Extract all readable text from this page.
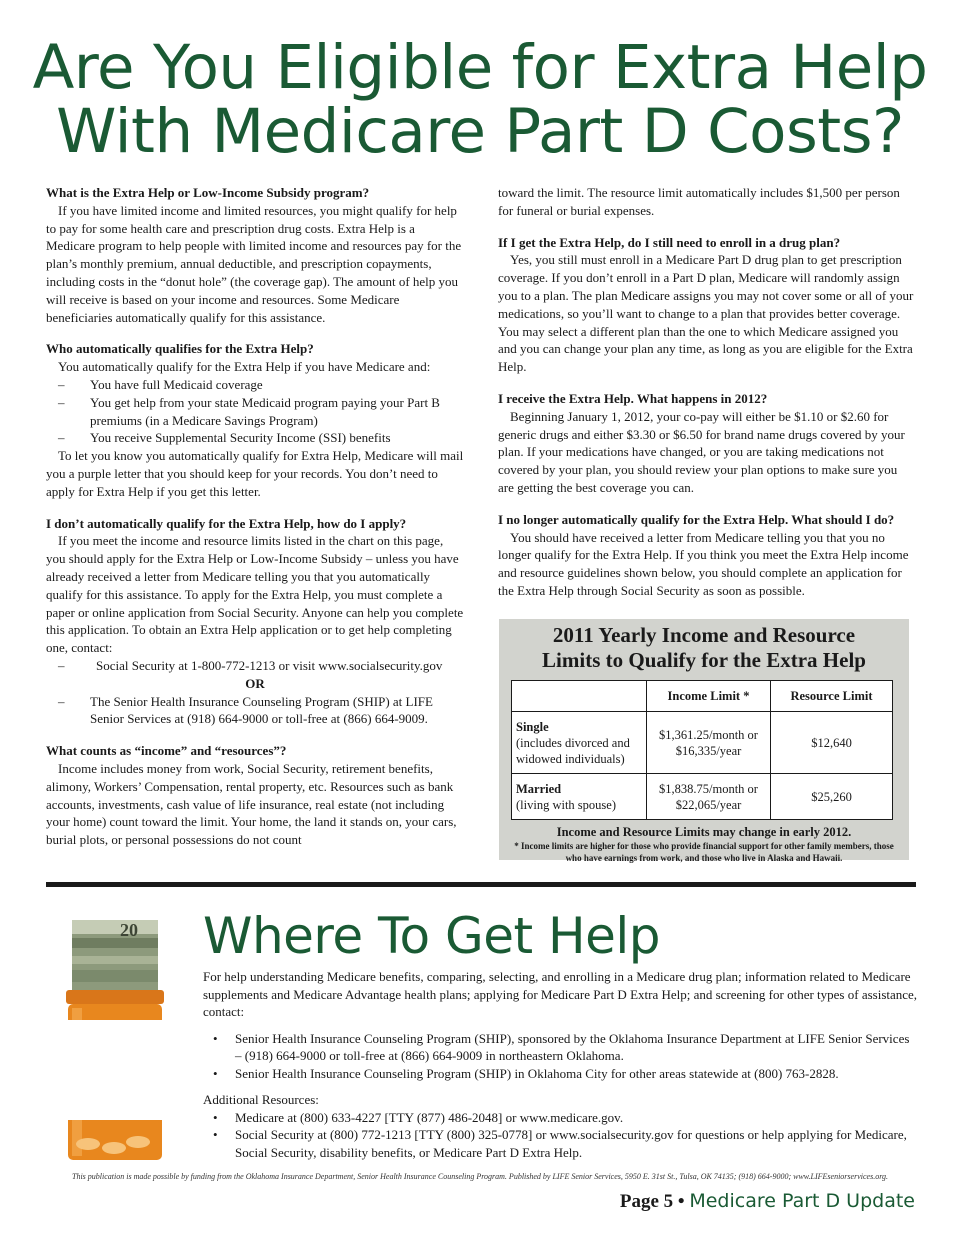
Are You Eligible for Extra Help
With Medicare Part D Costs?
What is the Extra Help or Low-Income Subsidy program?
If you have limited income and limited resources, you might qualify for help to pay for some health care and prescription drug costs. Extra Help is a Medicare program to help people with limited income and resources pay for the plan’s monthly premium, annual deductible, and prescription copayments, including costs in the “donut hole” (the coverage gap). The amount of help you will receive is based on your income and resources. Some Medicare beneficiaries automatically qualify for this assistance.
Who automatically qualifies for the Extra Help?
You automatically qualify for the Extra Help if you have Medicare and:
– You have full Medicaid coverage
– You get help from your state Medicaid program paying your Part B premiums (in a Medicare Savings Program)
– You receive Supplemental Security Income (SSI) benefits
To let you know you automatically qualify for Extra Help, Medicare will mail you a purple letter that you should keep for your records. You don’t need to apply for Extra Help if you get this letter.
I don’t automatically qualify for the Extra Help, how do I apply?
If you meet the income and resource limits listed in the chart on this page, you should apply for the Extra Help or Low-Income Subsidy – unless you have already received a letter from Medicare telling you that you automatically qualify for this assistance. To apply for the Extra Help, you must complete a paper or online application from Social Security. Anyone can help you complete this application. To obtain an Extra Help application or to get help completing one, contact:
– Social Security at 1-800-772-1213 or visit www.socialsecurity.gov
OR
– The Senior Health Insurance Counseling Program (SHIP) at LIFE Senior Services at (918) 664-9000 or toll-free at (866) 664-9009.
What counts as “income” and “resources”?
Income includes money from work, Social Security, retirement benefits, alimony, Workers’ Compensation, rental property, etc. Resources such as bank accounts, investments, cash value of life insurance, real estate (not including your home) count toward the limit. Your home, the land it stands on, your cars, burial plots, or personal possessions do not count
toward the limit. The resource limit automatically includes $1,500 per person for funeral or burial expenses.
If I get the Extra Help, do I still need to enroll in a drug plan?
Yes, you still must enroll in a Medicare Part D drug plan to get prescription coverage. If you don’t enroll in a Part D plan, Medicare will randomly assign you to a plan. The plan Medicare assigns you may not cover some or all of your medications, so you’ll want to change to a plan that provides better coverage. You may select a different plan than the one to which Medicare assigned you and you can change your plan any time, as long as you are eligible for the Extra Help.
I receive the Extra Help. What happens in 2012?
Beginning January 1, 2012, your co-pay will either be $1.10 or $2.60 for generic drugs and either $3.30 or $6.50 for brand name drugs covered by your plan. If your medications have changed, or you are taking medications not covered by your plan, you should review your plan options to make sure you are getting the best coverage you can.
I no longer automatically qualify for the Extra Help. What should I do?
You should have received a letter from Medicare telling you that you no longer qualify for the Extra Help. If you think you meet the Extra Help income and resource guidelines shown below, you should complete an application for the Extra Help through Social Security as soon as possible.
2011 Yearly Income and Resource
Limits to Qualify for the Extra Help
	Income Limit *	Resource Limit

Single
(includes divorced and widowed individuals)	$1,361.25/month or $16,335/year	$12,640

Married
(living with spouse)	$1,838.75/month or $22,065/year	$25,260
Income and Resource Limits may change in early 2012.
* Income limits are higher for those who provide financial support for other family members, those who have earnings from work, and those who live in Alaska and Hawaii.
20 Where To Get Help
For help understanding Medicare benefits, comparing, selecting, and enrolling in a Medicare drug plan; information related to Medicare supplements and Medicare Advantage health plans; applying for Medicare Part D Extra Help; and screening for other types of assistance, contact:
• Senior Health Insurance Counseling Program (SHIP), sponsored by the Oklahoma Insurance Department at LIFE Senior Services – (918) 664-9000 or toll-free at (866) 664-9009 in northeastern Oklahoma.
• Senior Health Insurance Counseling Program (SHIP) in Oklahoma City for other areas statewide at (800) 763-2828.
Additional Resources:
• Medicare at (800) 633-4227 [TTY (877) 486-2048] or www.medicare.gov.
• Social Security at (800) 772-1213 [TTY (800) 325-0778] or www.socialsecurity.gov for questions or help applying for Medicare, Social Security, disability benefits, or Medicare Part D Extra Help.
This publication is made possible by funding from the Oklahoma Insurance Department, Senior Health Insurance Counseling Program. Published by LIFE Senior Services, 5950 E. 31st St., Tulsa, OK 74135; (918) 664-9000; www.LIFEseniorservices.org.
Page 5 • Medicare Part D Update
